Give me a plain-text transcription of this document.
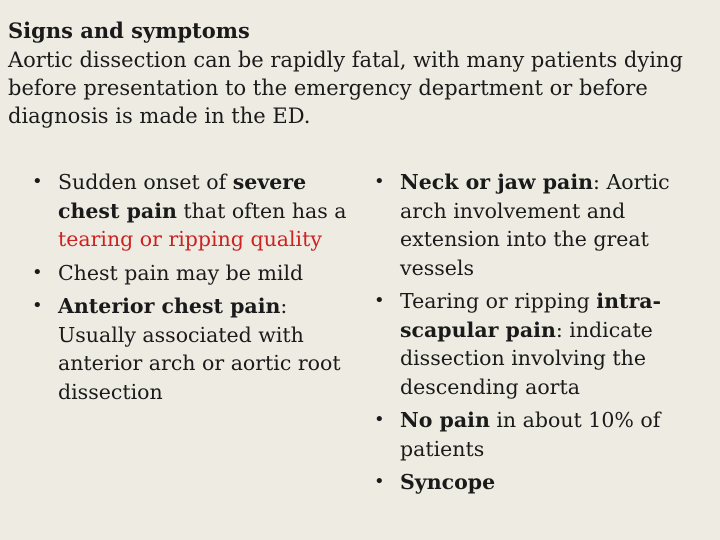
Signs and symptoms
Aortic dissection can be rapidly fatal, with many patients dying before presentation to the emergency department or before diagnosis is made in the ED.
• Sudden onset of severe chest pain that often has a tearing or ripping quality
• Chest pain may be mild
• Anterior chest pain: Usually associated with anterior arch or aortic root dissection
• Neck or jaw pain: Aortic arch involvement and extension into the great vessels
• Tearing or ripping intra-scapular pain: indicate dissection involving the descending aorta
• No pain in about 10% of patients
• Syncope
